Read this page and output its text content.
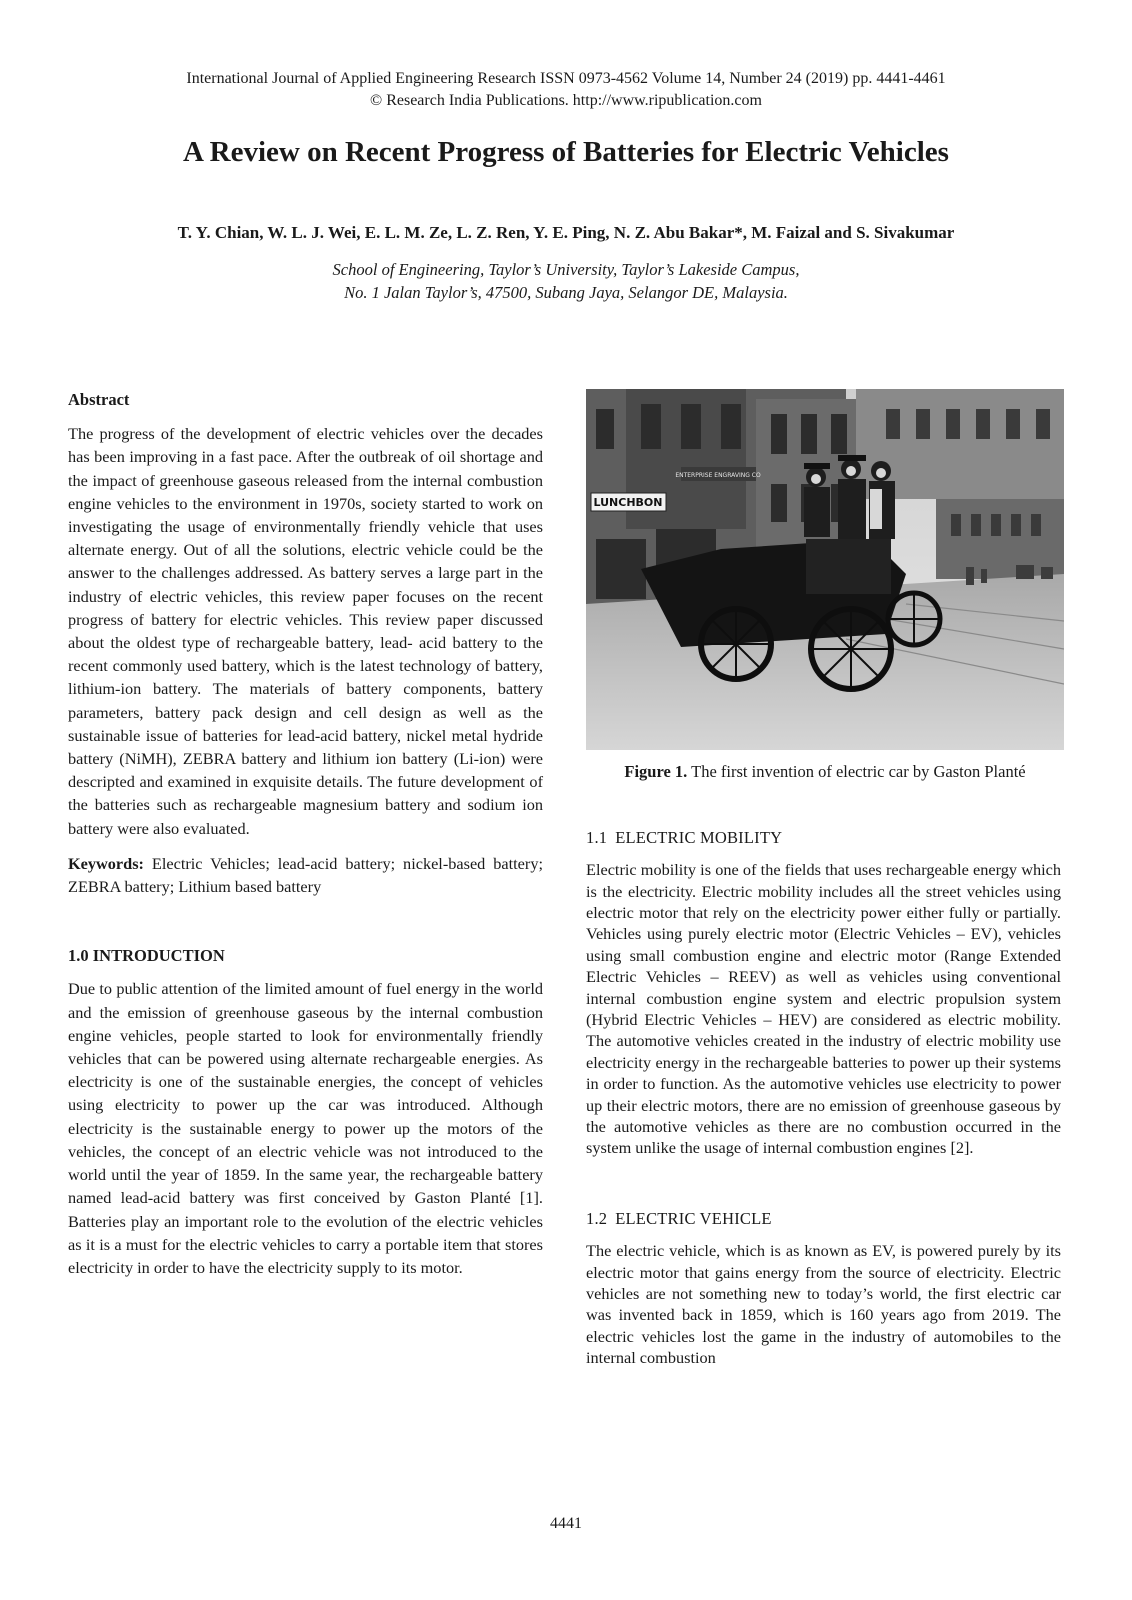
International Journal of Applied Engineering Research ISSN 0973-4562 Volume 14, Number 24 (2019) pp. 4441-4461
© Research India Publications. http://www.ripublication.com
A Review on Recent Progress of Batteries for Electric Vehicles
T. Y. Chian, W. L. J. Wei, E. L. M. Ze, L. Z. Ren, Y. E. Ping, N. Z. Abu Bakar*, M. Faizal and S. Sivakumar
School of Engineering, Taylor’s University, Taylor’s Lakeside Campus,
No. 1 Jalan Taylor’s, 47500, Subang Jaya, Selangor DE, Malaysia.

Abstract

The progress of the development of electric vehicles over the decades has been improving in a fast pace. After the outbreak of oil shortage and the impact of greenhouse gaseous released from the internal combustion engine vehicles to the environment in 1970s, society started to work on investigating the usage of environmentally friendly vehicle that uses alternate energy. Out of all the solutions, electric vehicle could be the answer to the challenges addressed. As battery serves a large part in the industry of electric vehicles, this review paper focuses on the recent progress of battery for electric vehicles. This review paper discussed about the oldest type of rechargeable battery, lead- acid battery to the recent commonly used battery, which is the latest technology of battery, lithium-ion battery. The materials of battery components, battery parameters, battery pack design and cell design as well as the sustainable issue of batteries for lead-acid battery, nickel metal hydride battery (NiMH), ZEBRA battery and lithium ion battery (Li-ion) were descripted and examined in exquisite details. The future development of the batteries such as rechargeable magnesium battery and sodium ion battery were also evaluated.

Keywords: Electric Vehicles; lead-acid battery; nickel-based battery; ZEBRA battery; Lithium based battery

1.0 INTRODUCTION

Due to public attention of the limited amount of fuel energy in the world and the emission of greenhouse gaseous by the internal combustion engine vehicles, people started to look for environmentally friendly vehicles that can be powered using alternate rechargeable energies. As electricity is one of the sustainable energies, the concept of vehicles using electricity to power up the car was introduced. Although electricity is the sustainable energy to power up the motors of the vehicles, the concept of an electric vehicle was not introduced to the world until the year of 1859. In the same year, the rechargeable battery named lead-acid battery was first conceived by Gaston Planté [1]. Batteries play an important role to the evolution of the electric vehicles as it is a must for the electric vehicles to carry a portable item that stores electricity in order to have the electricity supply to its motor.

LUNCHBON
ENTERPRISE ENGRAVING CO
Figure 1. The first invention of electric car by Gaston Planté

1.1 ELECTRIC MOBILITY

Electric mobility is one of the fields that uses rechargeable energy which is the electricity. Electric mobility includes all the street vehicles using electric motor that rely on the electricity power either fully or partially. Vehicles using purely electric motor (Electric Vehicles – EV), vehicles using small combustion engine and electric motor (Range Extended Electric Vehicles – REEV) as well as vehicles using conventional internal combustion engine system and electric propulsion system (Hybrid Electric Vehicles – HEV) are considered as electric mobility. The automotive vehicles created in the industry of electric mobility use electricity energy in the rechargeable batteries to power up their systems in order to function. As the automotive vehicles use electricity to power up their electric motors, there are no emission of greenhouse gaseous by the automotive vehicles as there are no combustion occurred in the system unlike the usage of internal combustion engines [2].

1.2 ELECTRIC VEHICLE

The electric vehicle, which is as known as EV, is powered purely by its electric motor that gains energy from the source of electricity. Electric vehicles are not something new to today’s world, the first electric car was invented back in 1859, which is 160 years ago from 2019. The electric vehicles lost the game in the industry of automobiles to the internal combustion

4441
